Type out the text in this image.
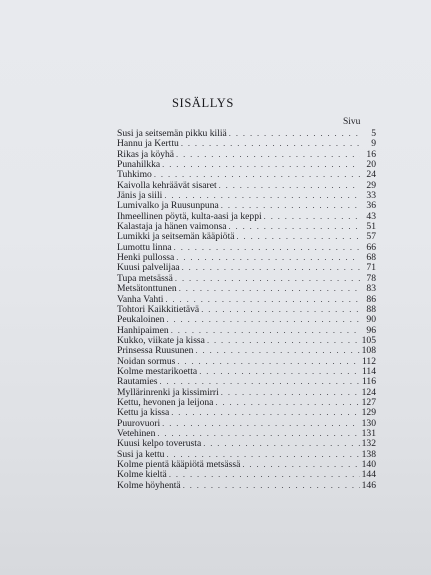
SISÄLLYS
Sivu
Susi ja seitsemän pikku kiliä . . .	5
Hannu ja Kerttu . . .	9
Rikas ja köyhä . . .	16
Punahilkka . . .	20
Tuhkimo . . .	24
Kaivolla kehräävät sisaret . . .	29
Jänis ja siili . . .	33
Lumivalko ja Ruusunpuna . . .	36
Ihmeellinen pöytä, kulta-aasi ja keppi . . .	43
Kalastaja ja hänen vaimonsa . . .	51
Lumikki ja seitsemän kääpiötä . . .	57
Lumottu linna . . .	66
Henki pullossa . . .	68
Kuusi palvelijaa . . .	71
Tupa metsässä . . .	78
Metsätonttunen . . .	83
Vanha Vahti . . .	86
Tohtori Kaikkitietävä . . .	88
Peukaloinen . . .	90
Hanhipaimen . . .	96
Kukko, viikate ja kissa . . .	105
Prinsessa Ruusunen . . .	108
Noidan sormus . . .	112
Kolme mestarikoetta . . .	114
Rautamies . . .	116
Myllärinrenki ja kissimirri . . .	124
Kettu, hevonen ja leijona . . .	127
Kettu ja kissa . . .	129
Puurovuori . . .	130
Vetehinen . . .	131
Kuusi kelpo toverusta . . .	132
Susi ja kettu . . .	138
Kolme pientä kääpiötä metsässä . . .	140
Kolme kieltä . . .	144
Kolme höyhentä . . .	146
